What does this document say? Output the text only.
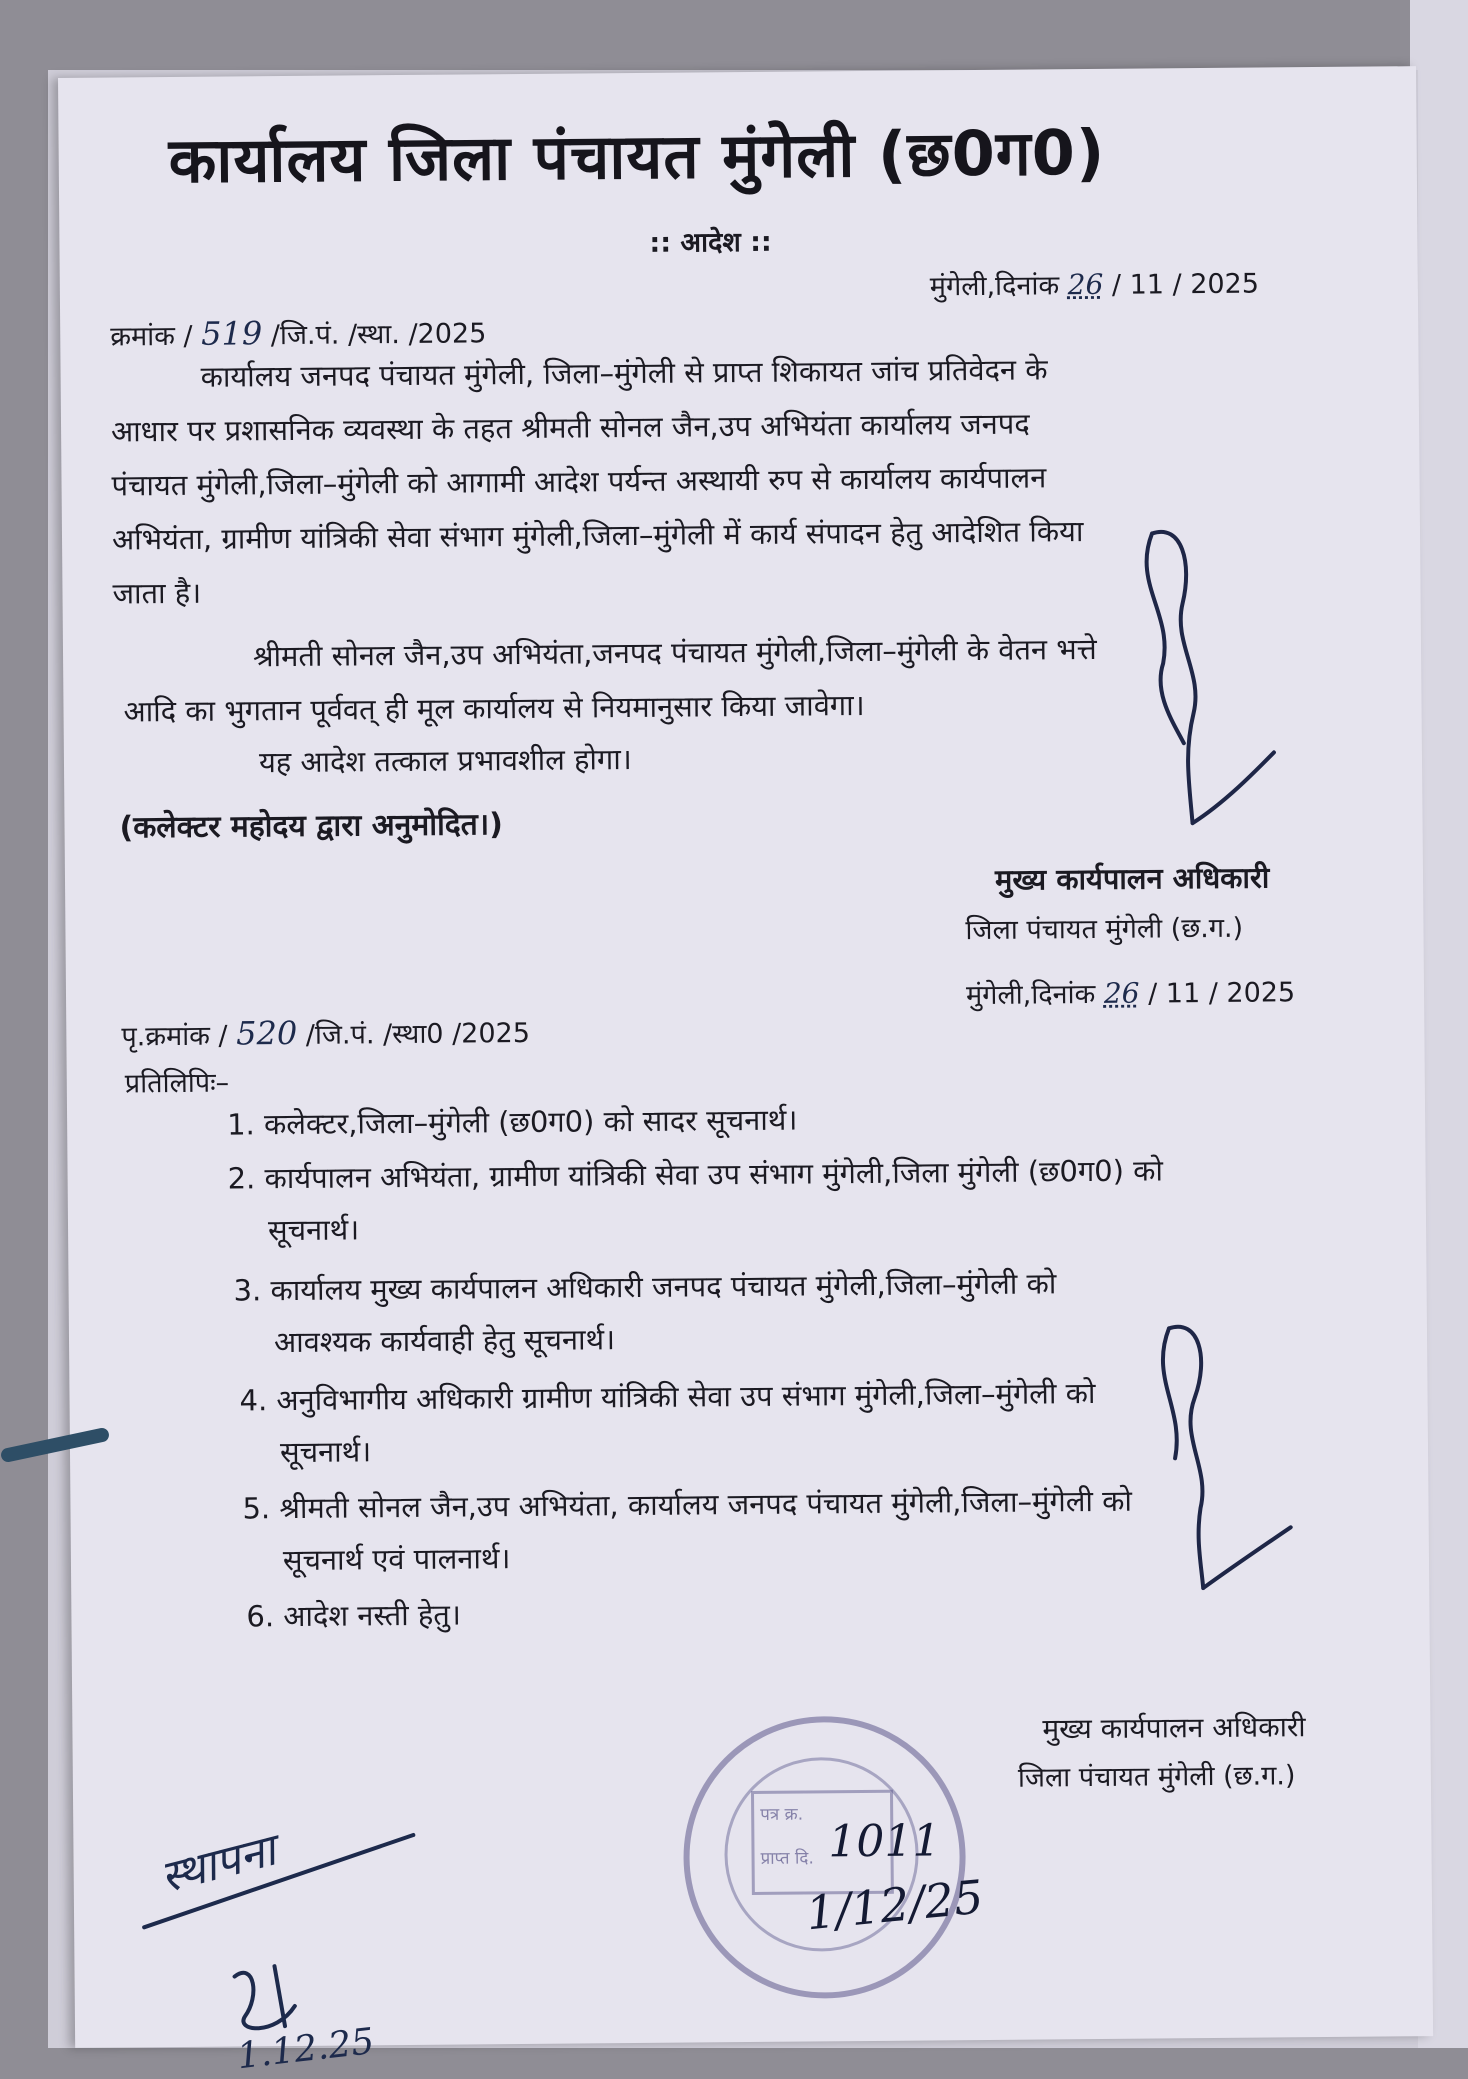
कार्यालय जिला पंचायत मुंगेली (छ0ग0)
:: आदेश ::
क्रमांक / 519 /जि.पं. /स्था. /2025
मुंगेली,दिनांक 26 / 11 / 2025
कार्यालय जनपद पंचायत मुंगेली, जिला–मुंगेली से प्राप्त शिकायत जांच प्रतिवेदन के
आधार पर प्रशासनिक व्यवस्था के तहत श्रीमती सोनल जैन,उप अभियंता कार्यालय जनपद
पंचायत मुंगेली,जिला–मुंगेली को आगामी आदेश पर्यन्त अस्थायी रुप से कार्यालय कार्यपालन
अभियंता, ग्रामीण यांत्रिकी सेवा संभाग मुंगेली,जिला–मुंगेली में कार्य संपादन हेतु आदेशित किया
जाता है।
श्रीमती सोनल जैन,उप अभियंता,जनपद पंचायत मुंगेली,जिला–मुंगेली के वेतन भत्ते
आदि का भुगतान पूर्ववत् ही मूल कार्यालय से नियमानुसार किया जावेगा।
यह आदेश तत्काल प्रभावशील होगा।
(कलेक्टर महोदय द्वारा अनुमोदित।)
मुख्य कार्यपालन अधिकारी
जिला पंचायत मुंगेली (छ.ग.)
पृ.क्रमांक / 520 /जि.पं. /स्था0 /2025
मुंगेली,दिनांक 26 / 11 / 2025
प्रतिलिपिः–
1. कलेक्टर,जिला–मुंगेली (छ0ग0) को सादर सूचनार्थ।
2. कार्यपालन अभियंता, ग्रामीण यांत्रिकी सेवा उप संभाग मुंगेली,जिला मुंगेली (छ0ग0) को
सूचनार्थ।
3. कार्यालय मुख्य कार्यपालन अधिकारी जनपद पंचायत मुंगेली,जिला–मुंगेली को
आवश्यक कार्यवाही हेतु सूचनार्थ।
4. अनुविभागीय अधिकारी ग्रामीण यांत्रिकी सेवा उप संभाग मुंगेली,जिला–मुंगेली को
सूचनार्थ।
5. श्रीमती सोनल जैन,उप अभियंता, कार्यालय जनपद पंचायत मुंगेली,जिला–मुंगेली को
सूचनार्थ एवं पालनार्थ।
6. आदेश नस्ती हेतु।
मुख्य कार्यपालन अधिकारी
जिला पंचायत मुंगेली (छ.ग.)
स्थापना
1.12.25
पत्र क्र.
प्राप्त दि. 1011
1/12/25
